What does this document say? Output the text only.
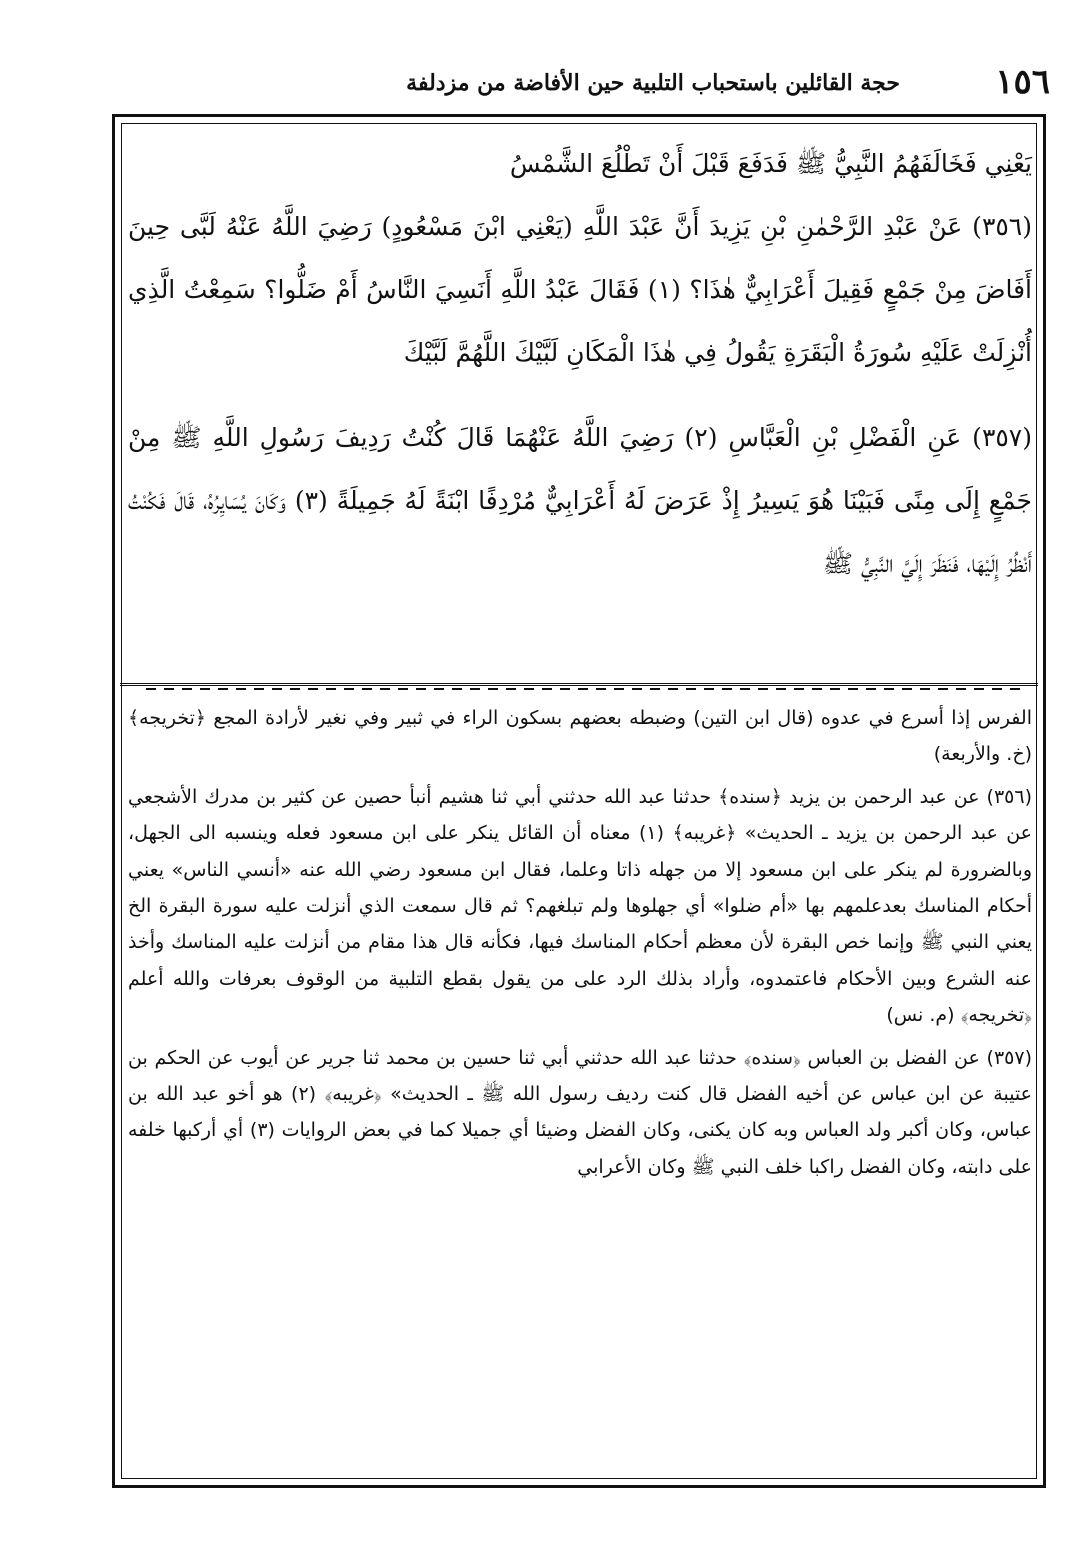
١٥٦
حجة القائلين باستحباب التلبية حين الأفاضة من مزدلفة

يَعْنِي فَخَالَفَهُمُ النَّبِيُّ ﷺ فَدَفَعَ قَبْلَ أَنْ تَطْلُعَ الشَّمْسُ

(٣٥٦) عَنْ عَبْدِ الرَّحْمٰنِ بْنِ يَزِيدَ أَنَّ عَبْدَ اللَّهِ (يَعْنِي ابْنَ مَسْعُودٍ) رَضِيَ اللَّهُ عَنْهُ لَبَّى حِينَ أَفَاضَ مِنْ جَمْعٍ فَقِيلَ أَعْرَابِيٌّ هٰذَا؟ (١) فَقَالَ عَبْدُ اللَّهِ أَنَسِيَ النَّاسُ أَمْ ضَلُّوا؟ سَمِعْتُ الَّذِي أُنْزِلَتْ عَلَيْهِ سُورَةُ الْبَقَرَةِ يَقُولُ فِي هٰذَا الْمَكَانِ لَبَّيْكَ اللَّهُمَّ لَبَّيْكَ

(٣٥٧) عَنِ الْفَضْلِ بْنِ الْعَبَّاسِ (٢) رَضِيَ اللَّهُ عَنْهُمَا قَالَ كُنْتُ رَدِيفَ رَسُولِ اللَّهِ ﷺ مِنْ جَمْعٍ إِلَى مِنًى فَبَيْنَا هُوَ يَسِيرُ إِذْ عَرَضَ لَهُ أَعْرَابِيٌّ مُرْدِفًا ابْنَةً لَهُ جَمِيلَةً (٣) وَكَانَ يُسَايِرُهُ، قَالَ فَكُنْتُ أَنْظُرُ إِلَيْهَا، فَنَظَرَ إِلَيَّ النَّبِيُّ ﷺ

الفرس إذا أسرع في عدوه (قال ابن التين) وضبطه بعضهم بسكون الراء في ثبير وفي نغير لأرادة المجع ﴿تخريجه﴾ (خ. والأربعة)

(٣٥٦) عن عبد الرحمن بن يزيد ﴿سنده﴾ حدثنا عبد الله حدثني أبي ثنا هشيم أنبأ حصين عن كثير بن مدرك الأشجعي عن عبد الرحمن بن يزيد ـ الحديث» ﴿غريبه﴾ (١) معناه أن القائل ينكر على ابن مسعود فعله وينسبه الى الجهل، وبالضرورة لم ينكر على ابن مسعود إلا من جهله ذاتا وعلما، فقال ابن مسعود رضي الله عنه «أنسي الناس» يعني أحكام المناسك بعدعلمهم بها «أم ضلوا» أي جهلوها ولم تبلغهم؟ ثم قال سمعت الذي أنزلت عليه سورة البقرة الخ يعني النبي ﷺ وإنما خص البقرة لأن معظم أحكام المناسك فيها، فكأنه قال هذا مقام من أنزلت عليه المناسك وأخذ عنه الشرع وبين الأحكام فاعتمدوه، وأراد بذلك الرد على من يقول بقطع التلبية من الوقوف بعرفات والله أعلم ﴿تخريجه﴾ (م. نس)

(٣٥٧) عن الفضل بن العباس ﴿سنده﴾ حدثنا عبد الله حدثني أبي ثنا حسين بن محمد ثنا جرير عن أيوب عن الحكم بن عتيبة عن ابن عباس عن أخيه الفضل قال كنت رديف رسول الله ﷺ ـ الحديث» ﴿غريبه﴾ (٢) هو أخو عبد الله بن عباس، وكان أكبر ولد العباس وبه كان يكنى، وكان الفضل وضيئا أي جميلا كما في بعض الروايات (٣) أي أركبها خلفه على دابته، وكان الفضل راكبا خلف النبي ﷺ وكان الأعرابي
